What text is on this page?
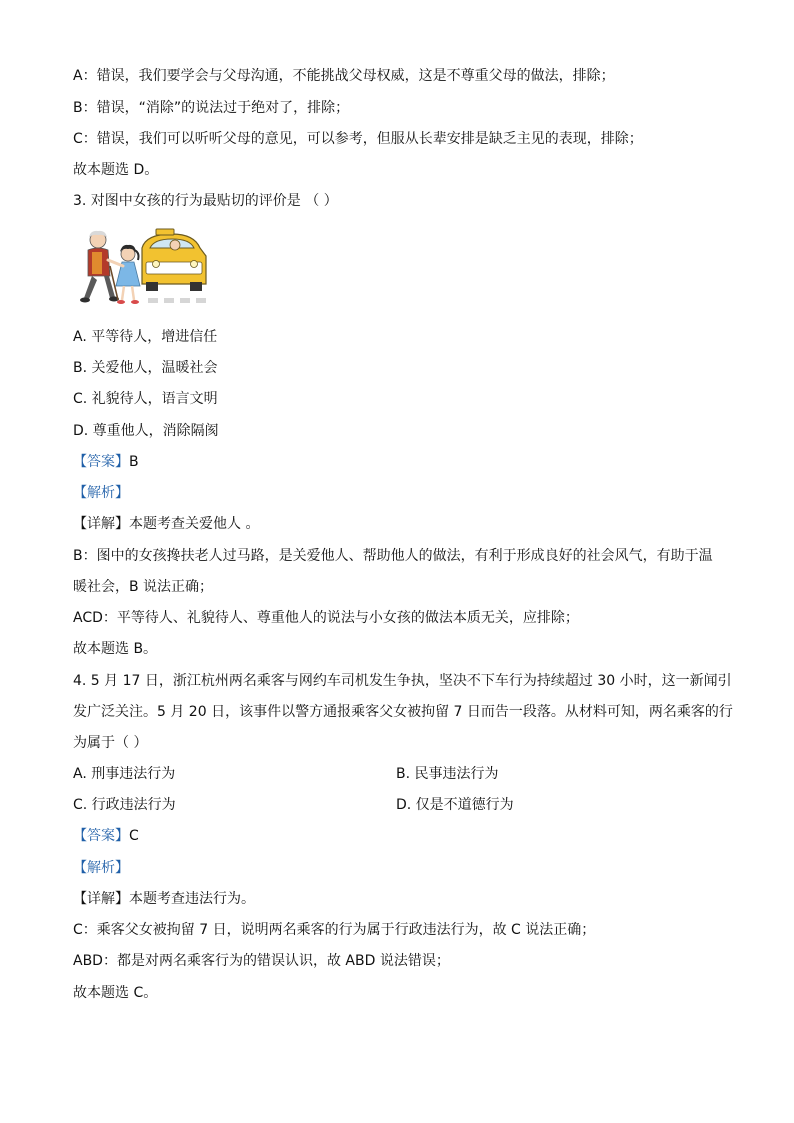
A：错误，我们要学会与父母沟通，不能挑战父母权威，这是不尊重父母的做法，排除；
B：错误，“消除”的说法过于绝对了，排除；
C：错误，我们可以听听父母的意见，可以参考，但服从长辈安排是缺乏主见的表现，排除；
故本题选 D。
3. 对图中女孩的行为最贴切的评价是 （ ）
A. 平等待人，增进信任
B. 关爱他人，温暖社会
C. 礼貌待人，语言文明
D. 尊重他人，消除隔阂
【答案】B
【解析】
【详解】本题考查关爱他人 。
B：图中的女孩搀扶老人过马路，是关爱他人、帮助他人的做法，有利于形成良好的社会风气，有助于温
暖社会，B 说法正确；
ACD：平等待人、礼貌待人、尊重他人的说法与小女孩的做法本质无关，应排除；
故本题选 B。
4. 5 月 17 日，浙江杭州两名乘客与网约车司机发生争执，坚决不下车行为持续超过 30 小时，这一新闻引
发广泛关注。5 月 20 日，该事件以警方通报乘客父女被拘留 7 日而告一段落。从材料可知，两名乘客的行
为属于（ ）
A. 刑事违法行为	B. 民事违法行为
C. 行政违法行为	D. 仅是不道德行为
【答案】C
【解析】
【详解】本题考查违法行为。
C：乘客父女被拘留 7 日，说明两名乘客的行为属于行政违法行为，故 C 说法正确；
ABD：都是对两名乘客行为的错误认识，故 ABD 说法错误；
故本题选 C。
